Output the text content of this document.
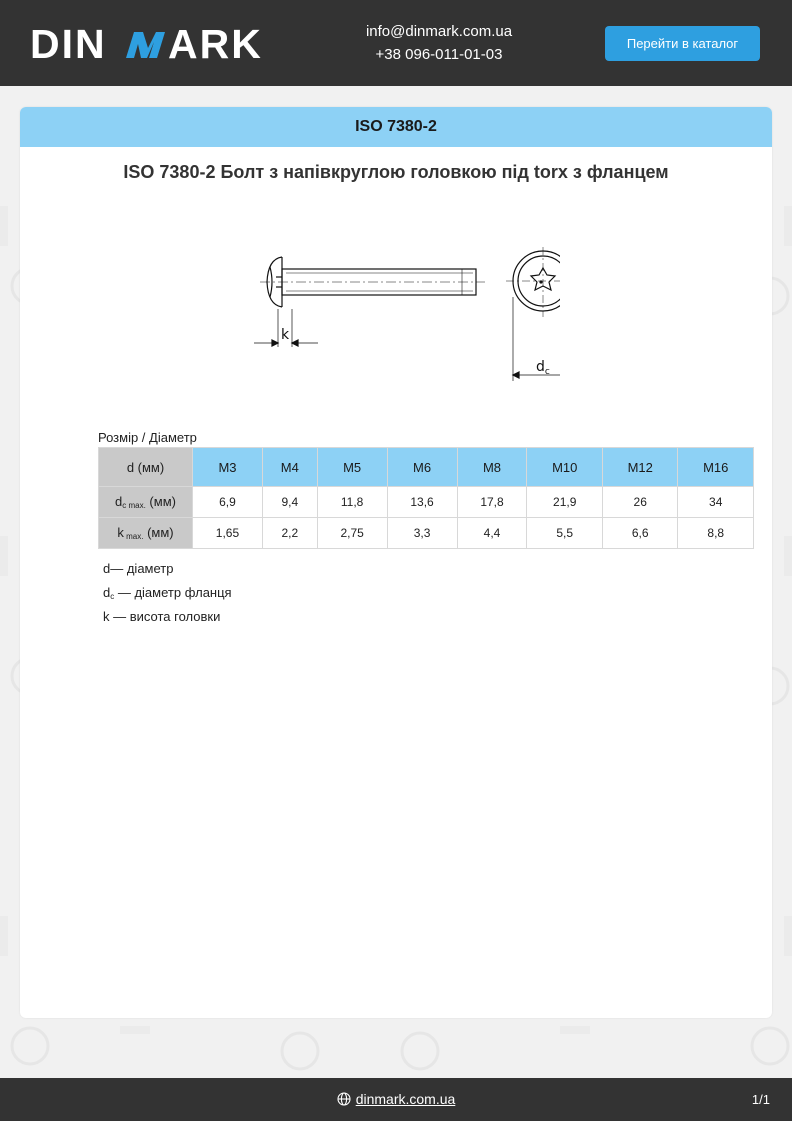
DIN ARK	info@dinmark.com.ua
+38 096-011-01-03
Перейти в каталог
ISO 7380-2
ISO 7380-2 Болт з напівкруглою головкою під torx з фланцем
k
$d_c$
Розмір / Діаметр
d (мм)	M3	M4	M5	M6	M8	M10	M12	M16
$d_{c max.}$ (мм)	6,9	9,4	11,8	13,6	17,8	21,9	26	34
k $_{max.}$ (мм)	1,65	2,2	2,75	3,3	4,4	5,5	6,6	8,8
d— діаметр
$d_c$ — діаметр фланця
k — висота головки
dinmark.com.ua	1/1
